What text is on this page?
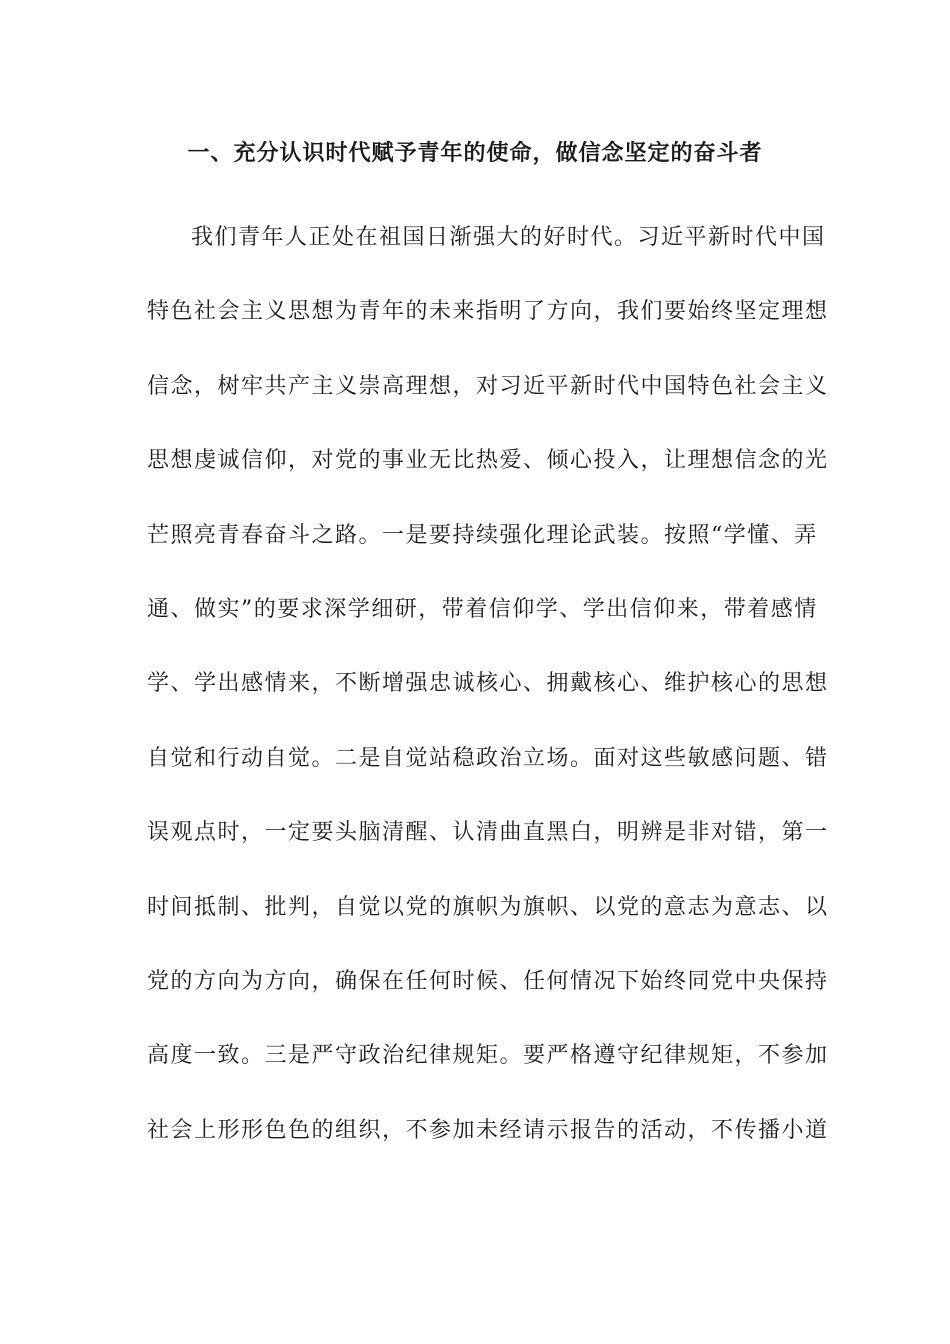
一、充分认识时代赋予青年的使命，做信念坚定的奋斗者
我们青年人正处在祖国日渐强大的好时代。习近平新时代中国
特色社会主义思想为青年的未来指明了方向，我们要始终坚定理想
信念，树牢共产主义崇高理想，对习近平新时代中国特色社会主义
思想虔诚信仰，对党的事业无比热爱、倾心投入，让理想信念的光
芒照亮青春奋斗之路。一是要持续强化理论武装。按照“学懂、弄
通、做实”的要求深学细研，带着信仰学、学出信仰来，带着感情
学、学出感情来，不断增强忠诚核心、拥戴核心、维护核心的思想
自觉和行动自觉。二是自觉站稳政治立场。面对这些敏感问题、错
误观点时，一定要头脑清醒、认清曲直黑白，明辨是非对错，第一
时间抵制、批判，自觉以党的旗帜为旗帜、以党的意志为意志、以
党的方向为方向，确保在任何时候、任何情况下始终同党中央保持
高度一致。三是严守政治纪律规矩。要严格遵守纪律规矩，不参加
社会上形形色色的组织，不参加未经请示报告的活动，不传播小道
